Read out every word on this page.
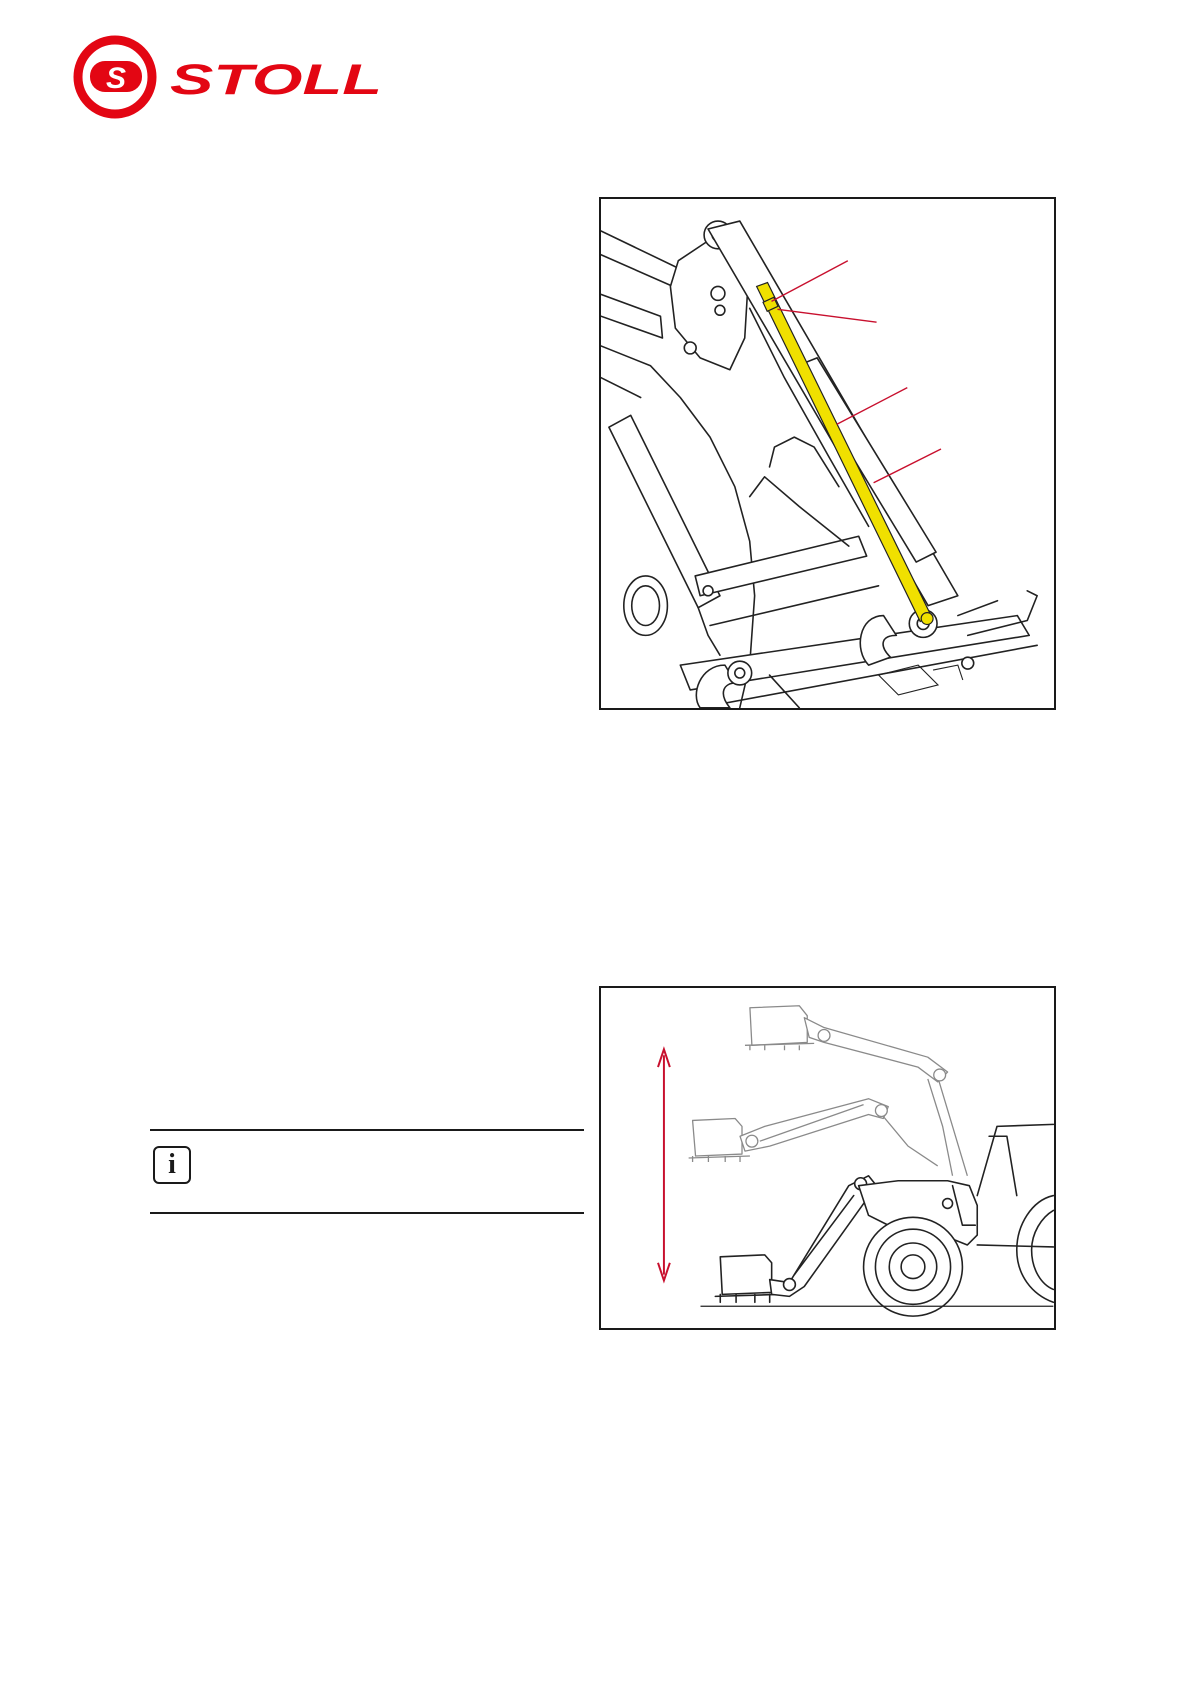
S STOLL
i
